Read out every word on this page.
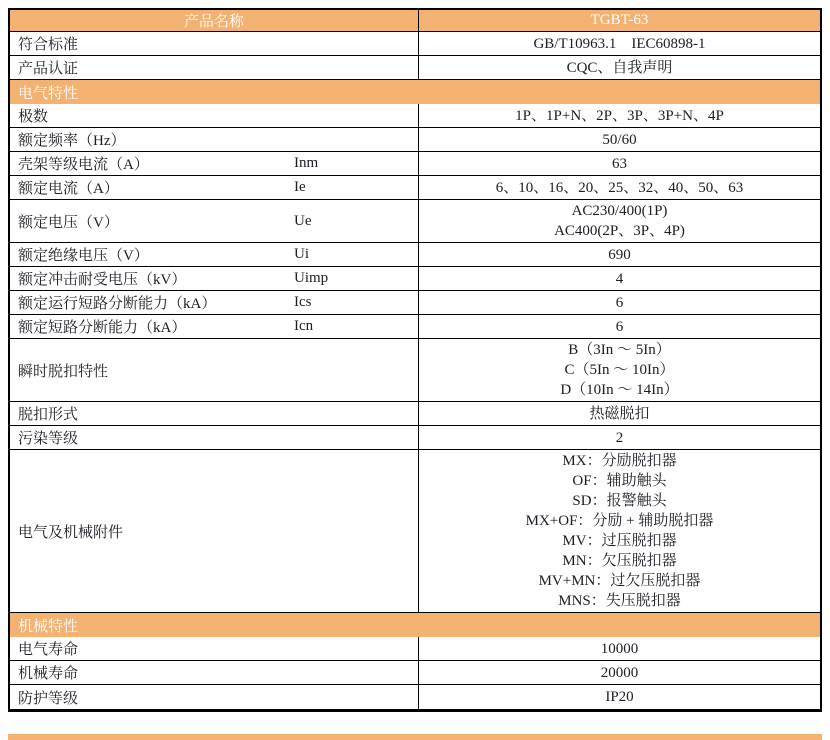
产品名称	TGBT-63
符合标准	GB/T10963.1    IEC60898-1
产品认证	CQC、自我声明
电气特性
极数	1P、1P+N、2P、3P、3P+N、4P
额定频率（Hz）	50/60
壳架等级电流（A）	Inm	63
额定电流（A）	Ie	6、10、16、20、25、32、40、50、63
额定电压（V）	Ue
AC230/400(1P)
AC400(2P、3P、4P)
额定绝缘电压（V）	Ui	690
额定冲击耐受电压（kV）	Uimp	4
额定运行短路分断能力（kA）	Ics	6
额定短路分断能力（kA）	Icn	6
瞬时脱扣特性
B（3In ～ 5In）
C（5In ～ 10In）
D（10In ～ 14In）
脱扣形式	热磁脱扣
污染等级	2
电气及机械附件
MX：分励脱扣器
OF：辅助触头
SD：报警触头
MX+OF：分励 + 辅助脱扣器
MV：过压脱扣器
MN：欠压脱扣器
MV+MN：过欠压脱扣器
MNS：失压脱扣器
机械特性
电气寿命	10000
机械寿命	20000
防护等级	IP20
